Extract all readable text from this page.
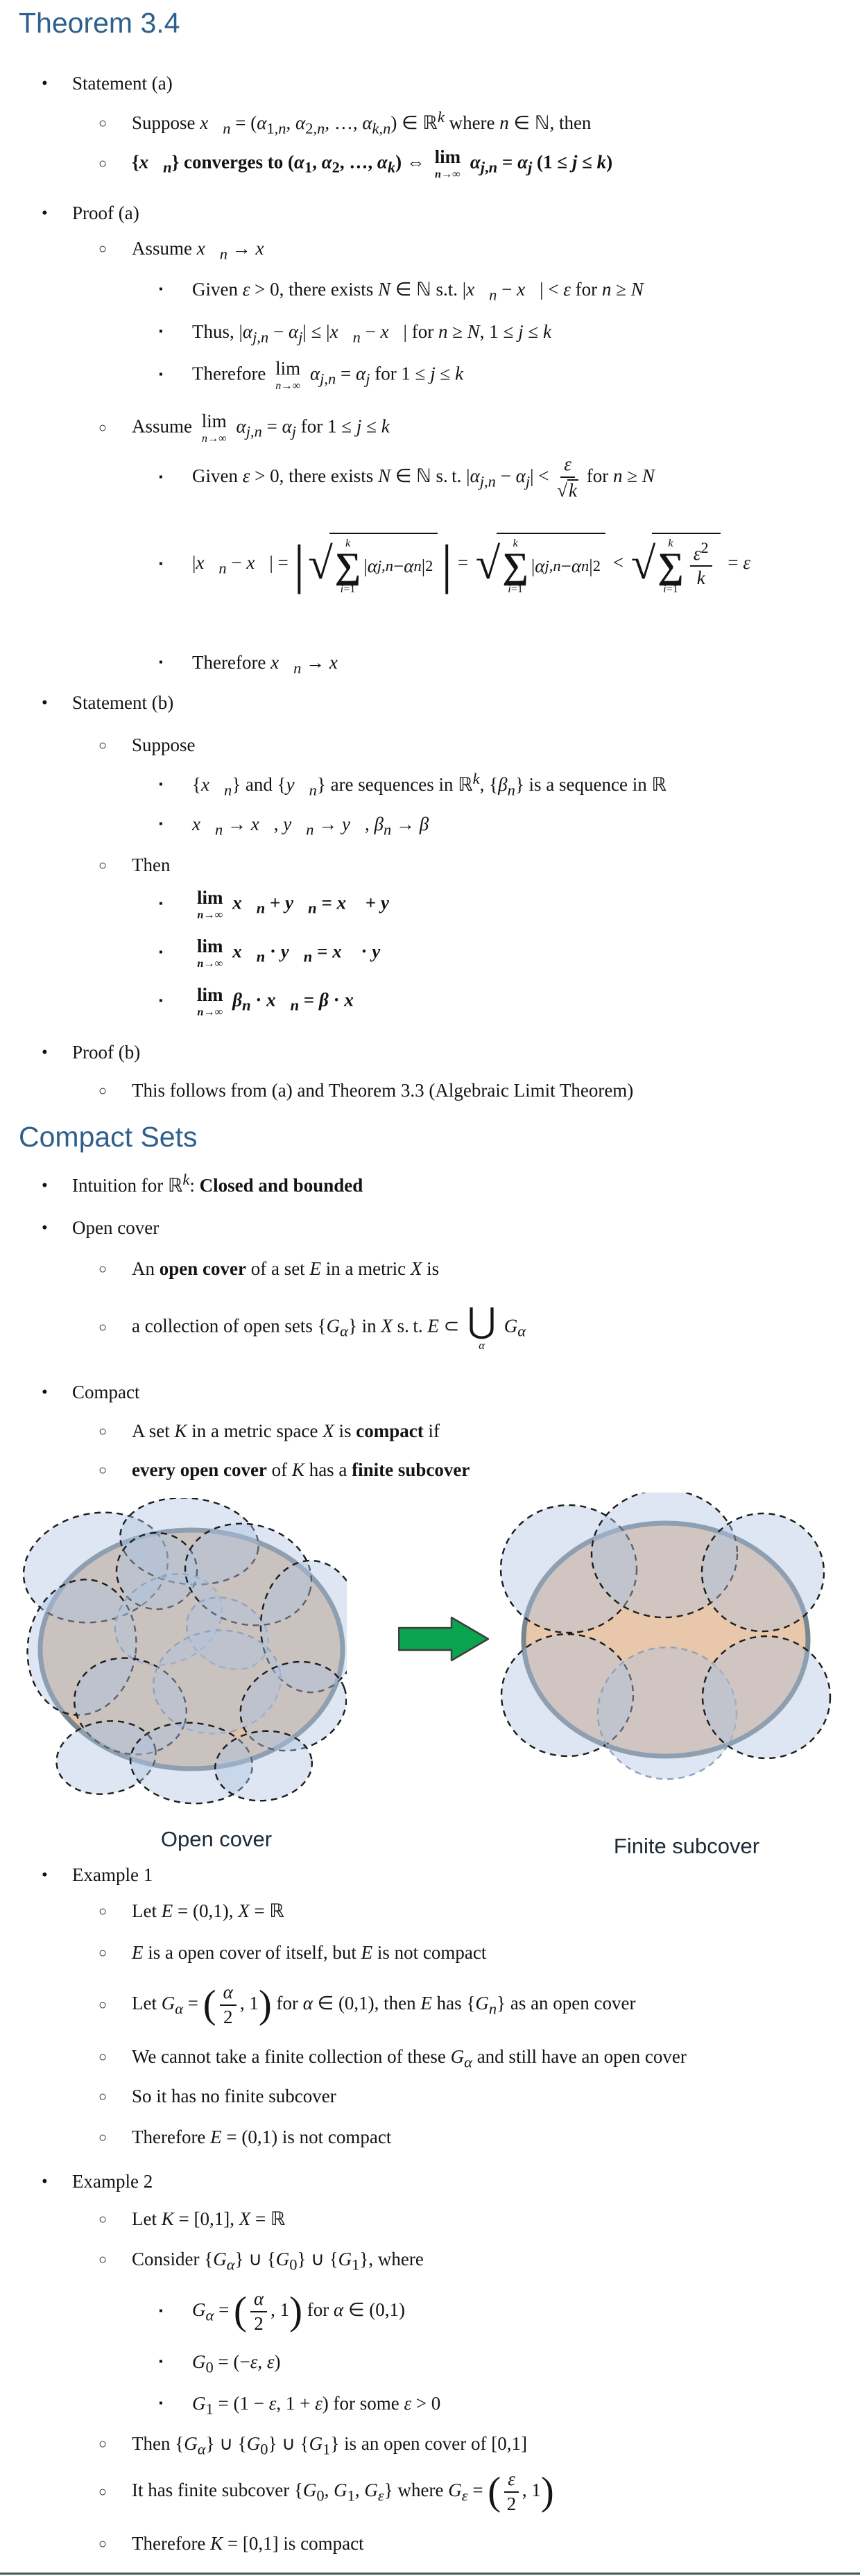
Open cover	Finite subcover
Theorem 3.4
• Statement (a)
○ Suppose $x⃗_n = (\alpha_{1,n}$, $\alpha_{2,n}$, …, $\alpha_{k,n}$) ∈ ℝ$^k$ where n ∈ ℕ, then
○ $\{x⃗_n\}$ converges to ($\alpha_1$, $\alpha_2$, …, $\alpha_k$) ⇔ lim
n→∞
$\alpha_{j,n} = \alpha_j$ (1 ≤ j ≤ k)
• Proof (a)
○ Assume $x⃗_n$ → x⃗
▪ Given ε > 0, there exists N ∈ ℕ s.t. $|x⃗_n$ − x⃗| < ε for n ≥ N
▪ Thus, $|\alpha_{j,n} - \alpha_j|$ ≤ $|x⃗_n$ − x⃗| for n ≥ N, 1 ≤ j ≤ k
▪ Therefore lim
n→∞
$\alpha_{j,n} = \alpha_j$ for 1 ≤ j ≤ k
○ Assume lim
n→∞
$\alpha_{j,n} = \alpha_j$ for 1 ≤ j ≤ k
▪ Given ε > 0, there exists N ∈ ℕ s. t. $|\alpha_{j,n} - \alpha_j| < \frac{\varepsilon}{√k}$ for n ≥ N
▪ $|x⃗_n$ − x⃗| = | √ k
∑
i=1
| α j,n − α n | 2 | = √ k
∑
i=1
| α j,n − α n | 2 < √ k
∑
i=1
$\frac{\varepsilon^2}{k} = \varepsilon$
▪ Therefore $x⃗_n$ → x⃗
• Statement (b)
○ Suppose
▪ $\{x⃗_n\}$ and $\{y⃗_n\}$ are sequences in ℝ$^k$, $\{\beta_n\}$ is a sequence in ℝ
▪ $x⃗_n$ → x⃗, $y⃗_n$ → y⃗, $\beta_n \to \beta$
○ Then
▪ lim
n→∞
$x⃗_n$ + $y⃗_n$ = x⃗ + y⃗
▪ lim
n→∞
$x⃗_n$ · $y⃗_n$ = x⃗ · y⃗
▪ lim
n→∞
$\beta_n$ · $x⃗_n = \beta$ · x⃗
• Proof (b)
○ This follows from (a) and Theorem 3.3 (Algebraic Limit Theorem)
Compact Sets
• Intuition for ℝ$^k$: Closed and bounded
• Open cover
○ An open cover of a set E in a metric X is
○ a collection of open sets $\{G_\alpha\}$ in X s. t. E ⊂ ⋃
α
$G_\alpha$
• Compact
○ A set K in a metric space X is compact if
○ every open cover of K has a finite subcover
• Example 1
○ Let E = (0,1), X = ℝ
○ E is a open cover of itself, but E is not compact
○ Let $G_\alpha$ = ( $\frac{\alpha}{2}$ , 1) for α ∈ (0,1), then E has $\{G_n\}$ as an open cover
○ We cannot take a finite collection of these $G_\alpha$ and still have an open cover
○ So it has no finite subcover
○ Therefore E = (0,1) is not compact
• Example 2
○ Let K = [0,1], X = ℝ
○ Consider $\{G_\alpha\}$ ∪ $\{G_0\}$ ∪ $\{G_1\}$, where
▪ $G_\alpha$ = ( $\frac{\alpha}{2}$ , 1) for α ∈ (0,1)
▪ $G_0 = (-\varepsilon$, ε)
▪ $G_1 = (1 - \varepsilon$, 1 + ε) for some ε > 0
○ Then $\{G_\alpha\}$ ∪ $\{G_0\}$ ∪ $\{G_1\}$ is an open cover of [0,1]
○ It has finite subcover {$G_0$, $G_1$, $G_\varepsilon$} where $G_\varepsilon$ = ( $\frac{\varepsilon}{2}$ , 1)
○ Therefore K = [0,1] is compact
